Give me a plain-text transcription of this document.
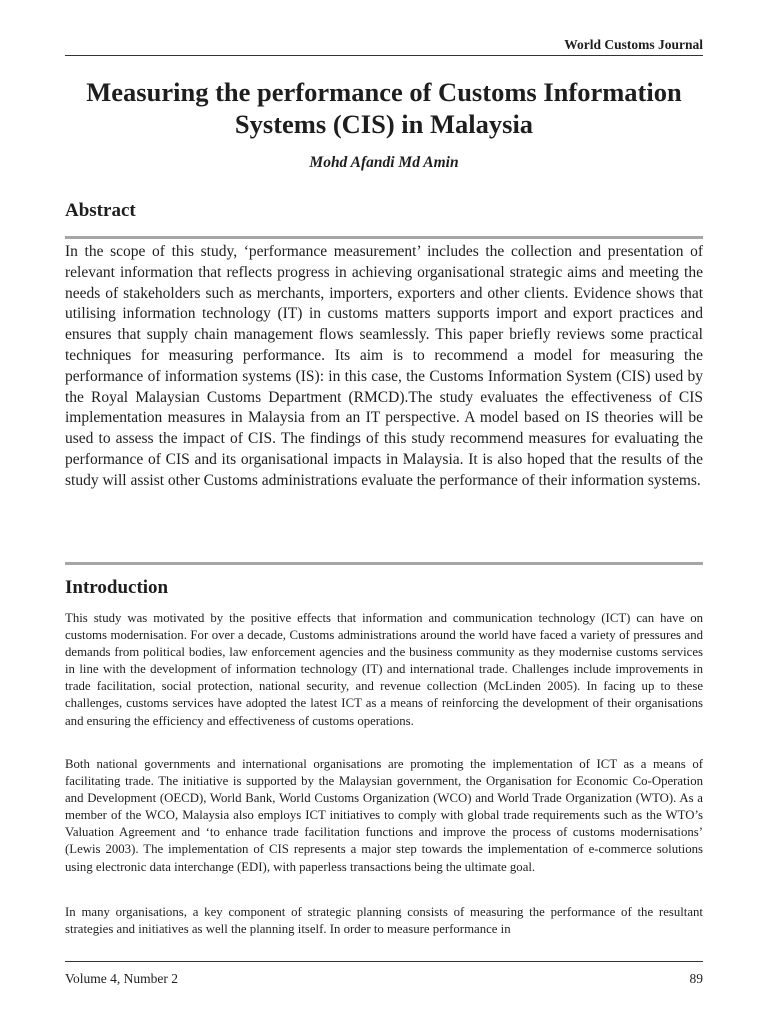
World Customs Journal
Measuring the performance of Customs Information Systems (CIS) in Malaysia
Mohd Afandi Md Amin
Abstract

In the scope of this study, ‘performance measurement’ includes the collection and presentation of relevant information that reflects progress in achieving organisational strategic aims and meeting the needs of stakeholders such as merchants, importers, exporters and other clients. Evidence shows that utilising information technology (IT) in customs matters supports import and export practices and ensures that supply chain management flows seamlessly. This paper briefly reviews some practical techniques for measuring performance. Its aim is to recommend a model for measuring the performance of information systems (IS): in this case, the Customs Information System (CIS) used by the Royal Malaysian Customs Department (RMCD).The study evaluates the effectiveness of CIS implementation measures in Malaysia from an IT perspective. A model based on IS theories will be used to assess the impact of CIS. The findings of this study recommend measures for evaluating the performance of CIS and its organisational impacts in Malaysia. It is also hoped that the results of the study will assist other Customs administrations evaluate the performance of their information systems.

Introduction

This study was motivated by the positive effects that information and communication technology (ICT) can have on customs modernisation. For over a decade, Customs administrations around the world have faced a variety of pressures and demands from political bodies, law enforcement agencies and the business community as they modernise customs services in line with the development of information technology (IT) and international trade. Challenges include improvements in trade facilitation, social protection, national security, and revenue collection (McLinden 2005). In facing up to these challenges, customs services have adopted the latest ICT as a means of reinforcing the development of their organisations and ensuring the efficiency and effectiveness of customs operations.

Both national governments and international organisations are promoting the implementation of ICT as a means of facilitating trade. The initiative is supported by the Malaysian government, the Organisation for Economic Co-Operation and Development (OECD), World Bank, World Customs Organization (WCO) and World Trade Organization (WTO). As a member of the WCO, Malaysia also employs ICT initiatives to comply with global trade requirements such as the WTO’s Valuation Agreement and ‘to enhance trade facilitation functions and improve the process of customs modernisations’ (Lewis 2003). The implementation of CIS represents a major step towards the implementation of e-commerce solutions using electronic data interchange (EDI), with paperless transactions being the ultimate goal.

In many organisations, a key component of strategic planning consists of measuring the performance of the resultant strategies and initiatives as well the planning itself. In order to measure performance in

Volume 4, Number 2	89
